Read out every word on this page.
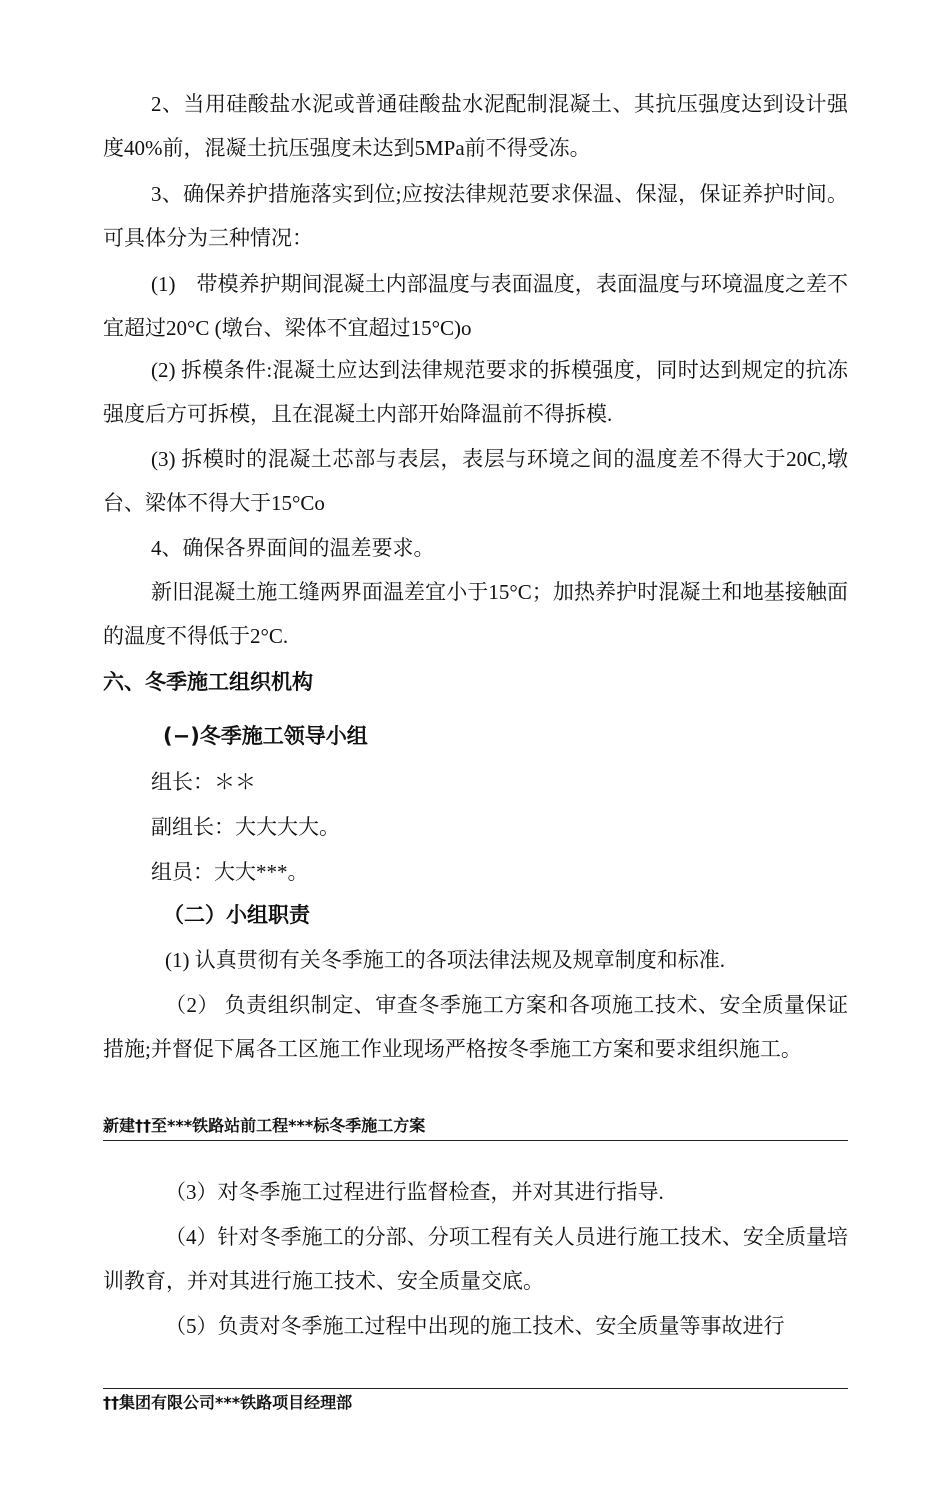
2、当用硅酸盐水泥或普通硅酸盐水泥配制混凝土、其抗压强度达到设计强度40%前，混凝土抗压强度未达到5MPa前不得受冻。

3、确保养护措施落实到位;应按法律规范要求保温、保湿，保证养护时间。可具体分为三种情况：

(1)　带模养护期间混凝土内部温度与表面温度，表面温度与环境温度之差不宜超过20°C (墩台、梁体不宜超过15°C)o

(2) 拆模条件:混凝土应达到法律规范要求的拆模强度，同时达到规定的抗冻强度后方可拆模，且在混凝土内部开始降温前不得拆模.

(3) 拆模时的混凝土芯部与表层，表层与环境之间的温度差不得大于20C,墩台、梁体不得大于15°Co

4、确保各界面间的温差要求。

新旧混凝土施工缝两界面温差宜小于15°C；加热养护时混凝土和地基接触面的温度不得低于2°C.

六、冬季施工组织机构
(−)冬季施工领导小组

组长：＊＊

副组长：大大大大。

组员：大大***。

（二）小组职责

(1) 认真贯彻有关冬季施工的各项法律法规及规章制度和标准.

（2） 负责组织制定、审查冬季施工方案和各项施工技术、安全质量保证措施;并督促下属各工区施工作业现场严格按冬季施工方案和要求组织施工。

新建††至***铁路站前工程***标冬季施工方案

（3）对冬季施工过程进行监督检查，并对其进行指导.

（4）针对冬季施工的分部、分项工程有关人员进行施工技术、安全质量培训教育，并对其进行施工技术、安全质量交底。

（5）负责对冬季施工过程中出现的施工技术、安全质量等事故进行

††集团有限公司***铁路项目经理部
